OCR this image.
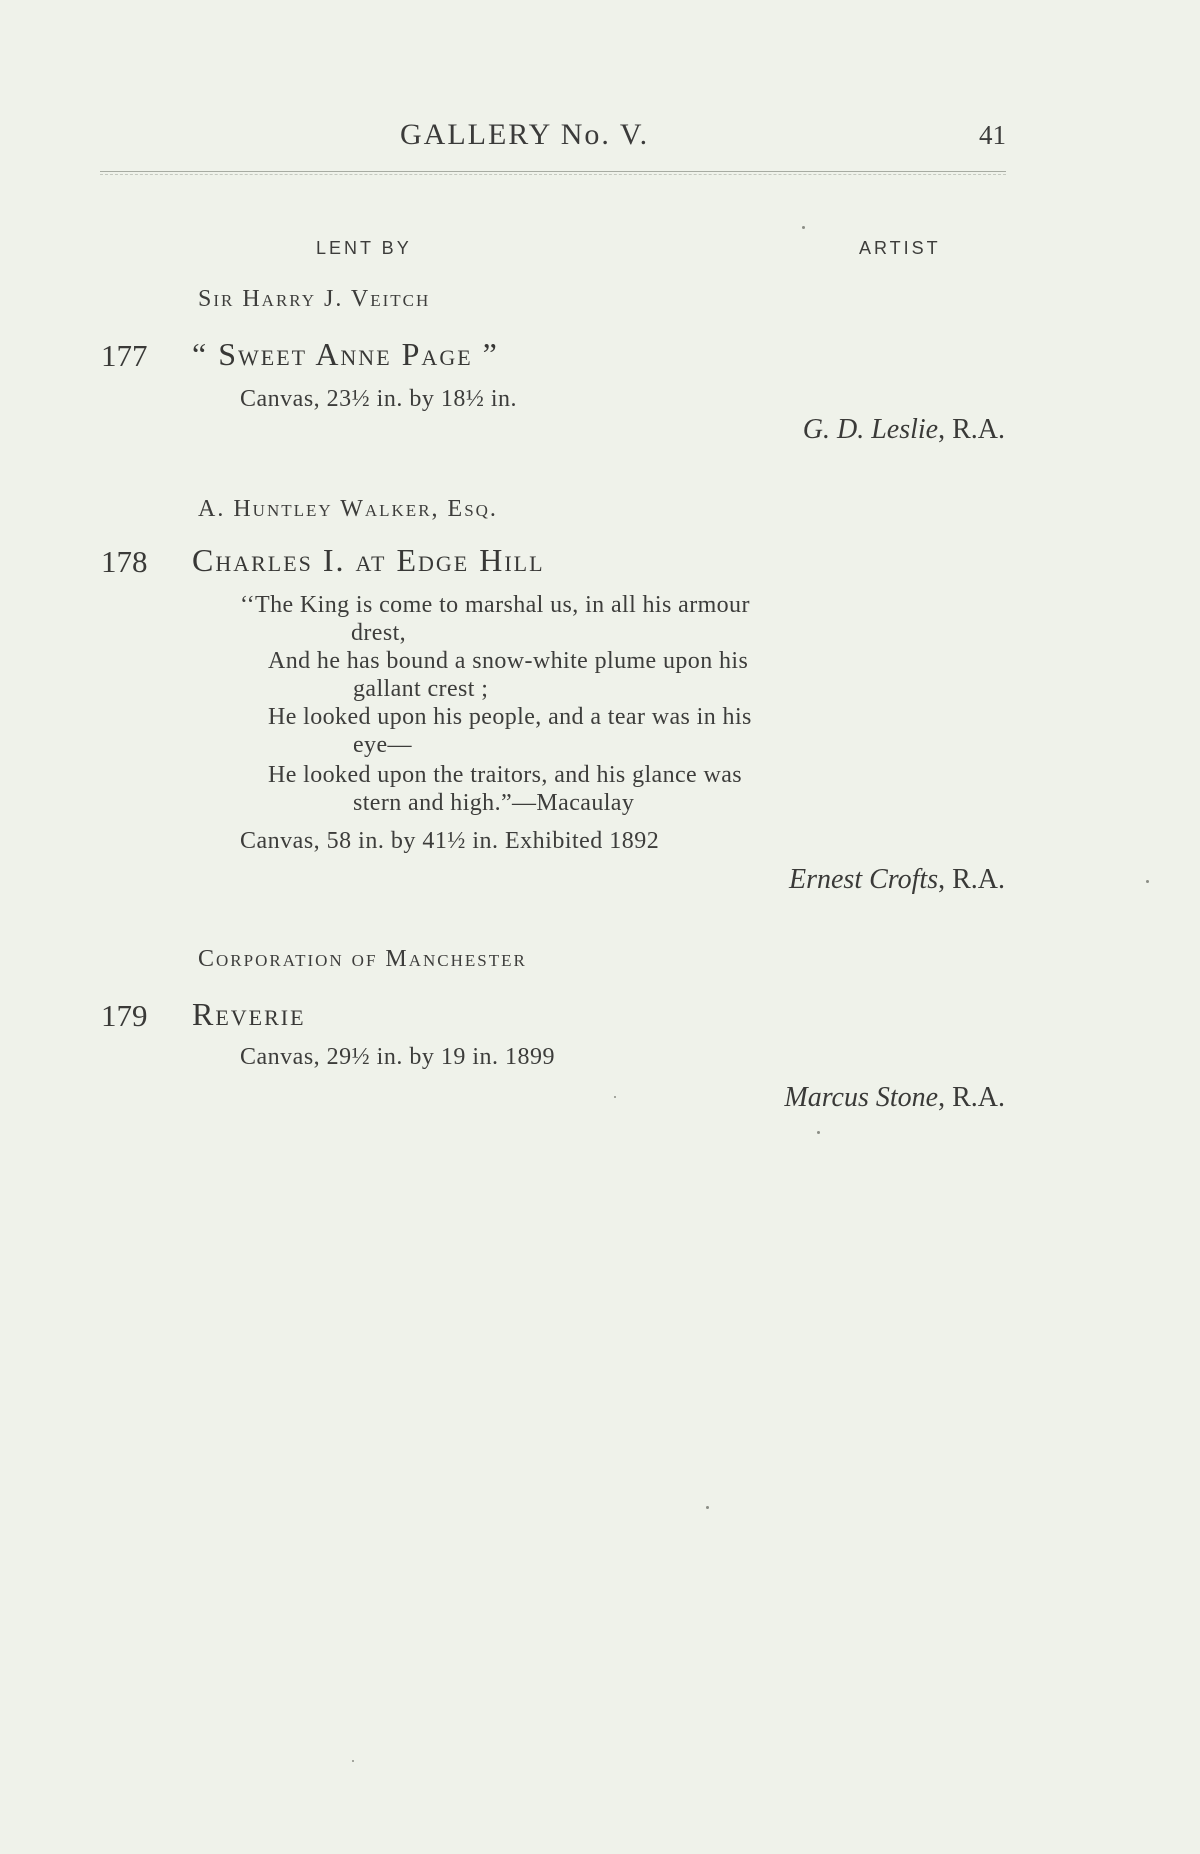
GALLERY No. V.	41
LENT BY	ARTIST
Sir Harry J. Veitch
177 “ Sweet Anne Page ”
Canvas, 23½ in. by 18½ in.
G. D. Leslie, R.A.
A. Huntley Walker, Esq.
178 Charles I. at Edge Hill
‘‘The King is come to marshal us, in all his armour
drest,
And he has bound a snow-white plume upon his
gallant crest ;
He looked upon his people, and a tear was in his
eye—
He looked upon the traitors, and his glance was
stern and high.”—Macaulay
Canvas, 58 in. by 41½ in. Exhibited 1892
Ernest Crofts, R.A.
Corporation of Manchester
179 Reverie
Canvas, 29½ in. by 19 in. 1899
Marcus Stone, R.A.
